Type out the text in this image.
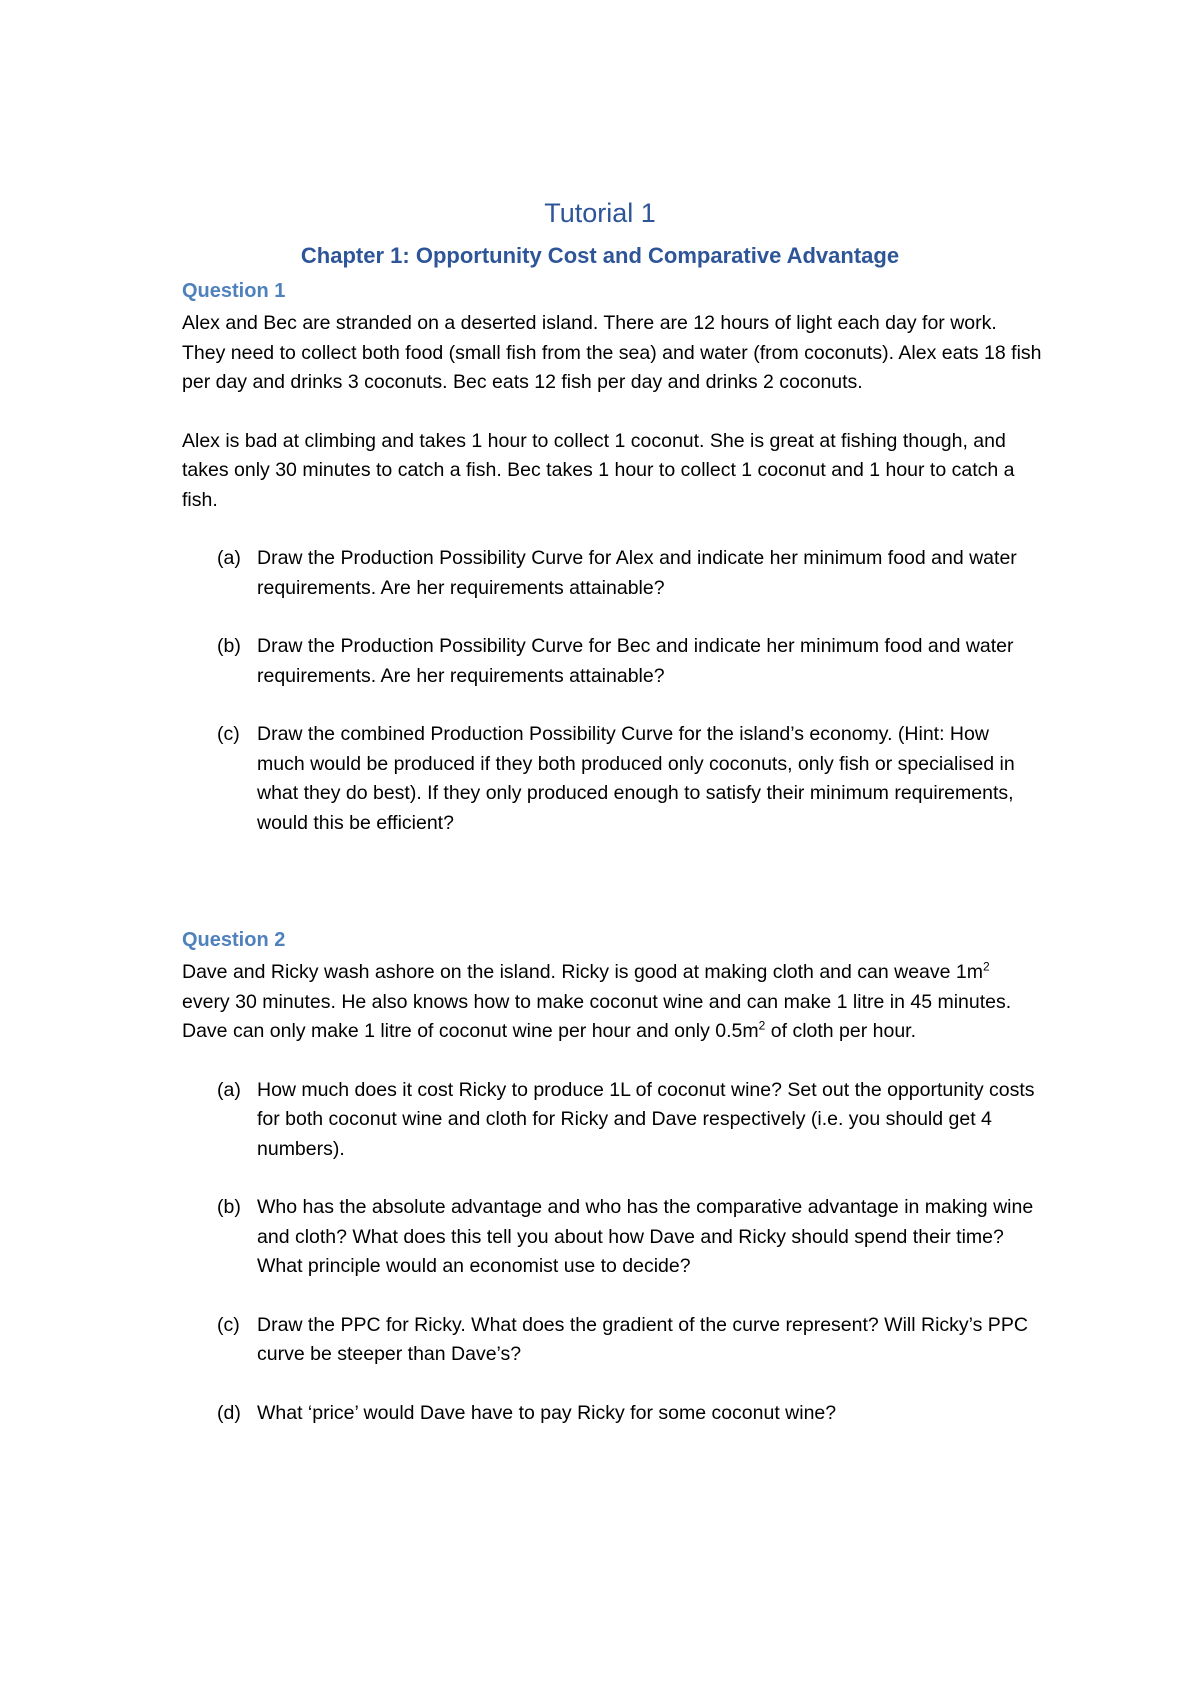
Tutorial 1
Chapter 1: Opportunity Cost and Comparative Advantage
Question 1

Alex and Bec are stranded on a deserted island. There are 12 hours of light each day for work. They need to collect both food (small fish from the sea) and water (from coconuts). Alex eats 18 fish per day and drinks 3 coconuts. Bec eats 12 fish per day and drinks 2 coconuts.

Alex is bad at climbing and takes 1 hour to collect 1 coconut. She is great at fishing though, and takes only 30 minutes to catch a fish. Bec takes 1 hour to collect 1 coconut and 1 hour to catch a fish.

(a) Draw the Production Possibility Curve for Alex and indicate her minimum food and water requirements. Are her requirements attainable?
(b) Draw the Production Possibility Curve for Bec and indicate her minimum food and water requirements. Are her requirements attainable?
(c) Draw the combined Production Possibility Curve for the island’s economy. (Hint: How much would be produced if they both produced only coconuts, only fish or specialised in what they do best). If they only produced enough to satisfy their minimum requirements, would this be efficient?
Question 2

Dave and Ricky wash ashore on the island. Ricky is good at making cloth and can weave $1m^2$ every 30 minutes. He also knows how to make coconut wine and can make 1 litre in 45 minutes. Dave can only make 1 litre of coconut wine per hour and only $0.5m^2$ of cloth per hour.

(a) How much does it cost Ricky to produce 1L of coconut wine? Set out the opportunity costs for both coconut wine and cloth for Ricky and Dave respectively (i.e. you should get 4 numbers).
(b) Who has the absolute advantage and who has the comparative advantage in making wine and cloth? What does this tell you about how Dave and Ricky should spend their time? What principle would an economist use to decide?
(c) Draw the PPC for Ricky. What does the gradient of the curve represent? Will Ricky’s PPC curve be steeper than Dave’s?
(d) What ‘price’ would Dave have to pay Ricky for some coconut wine?
